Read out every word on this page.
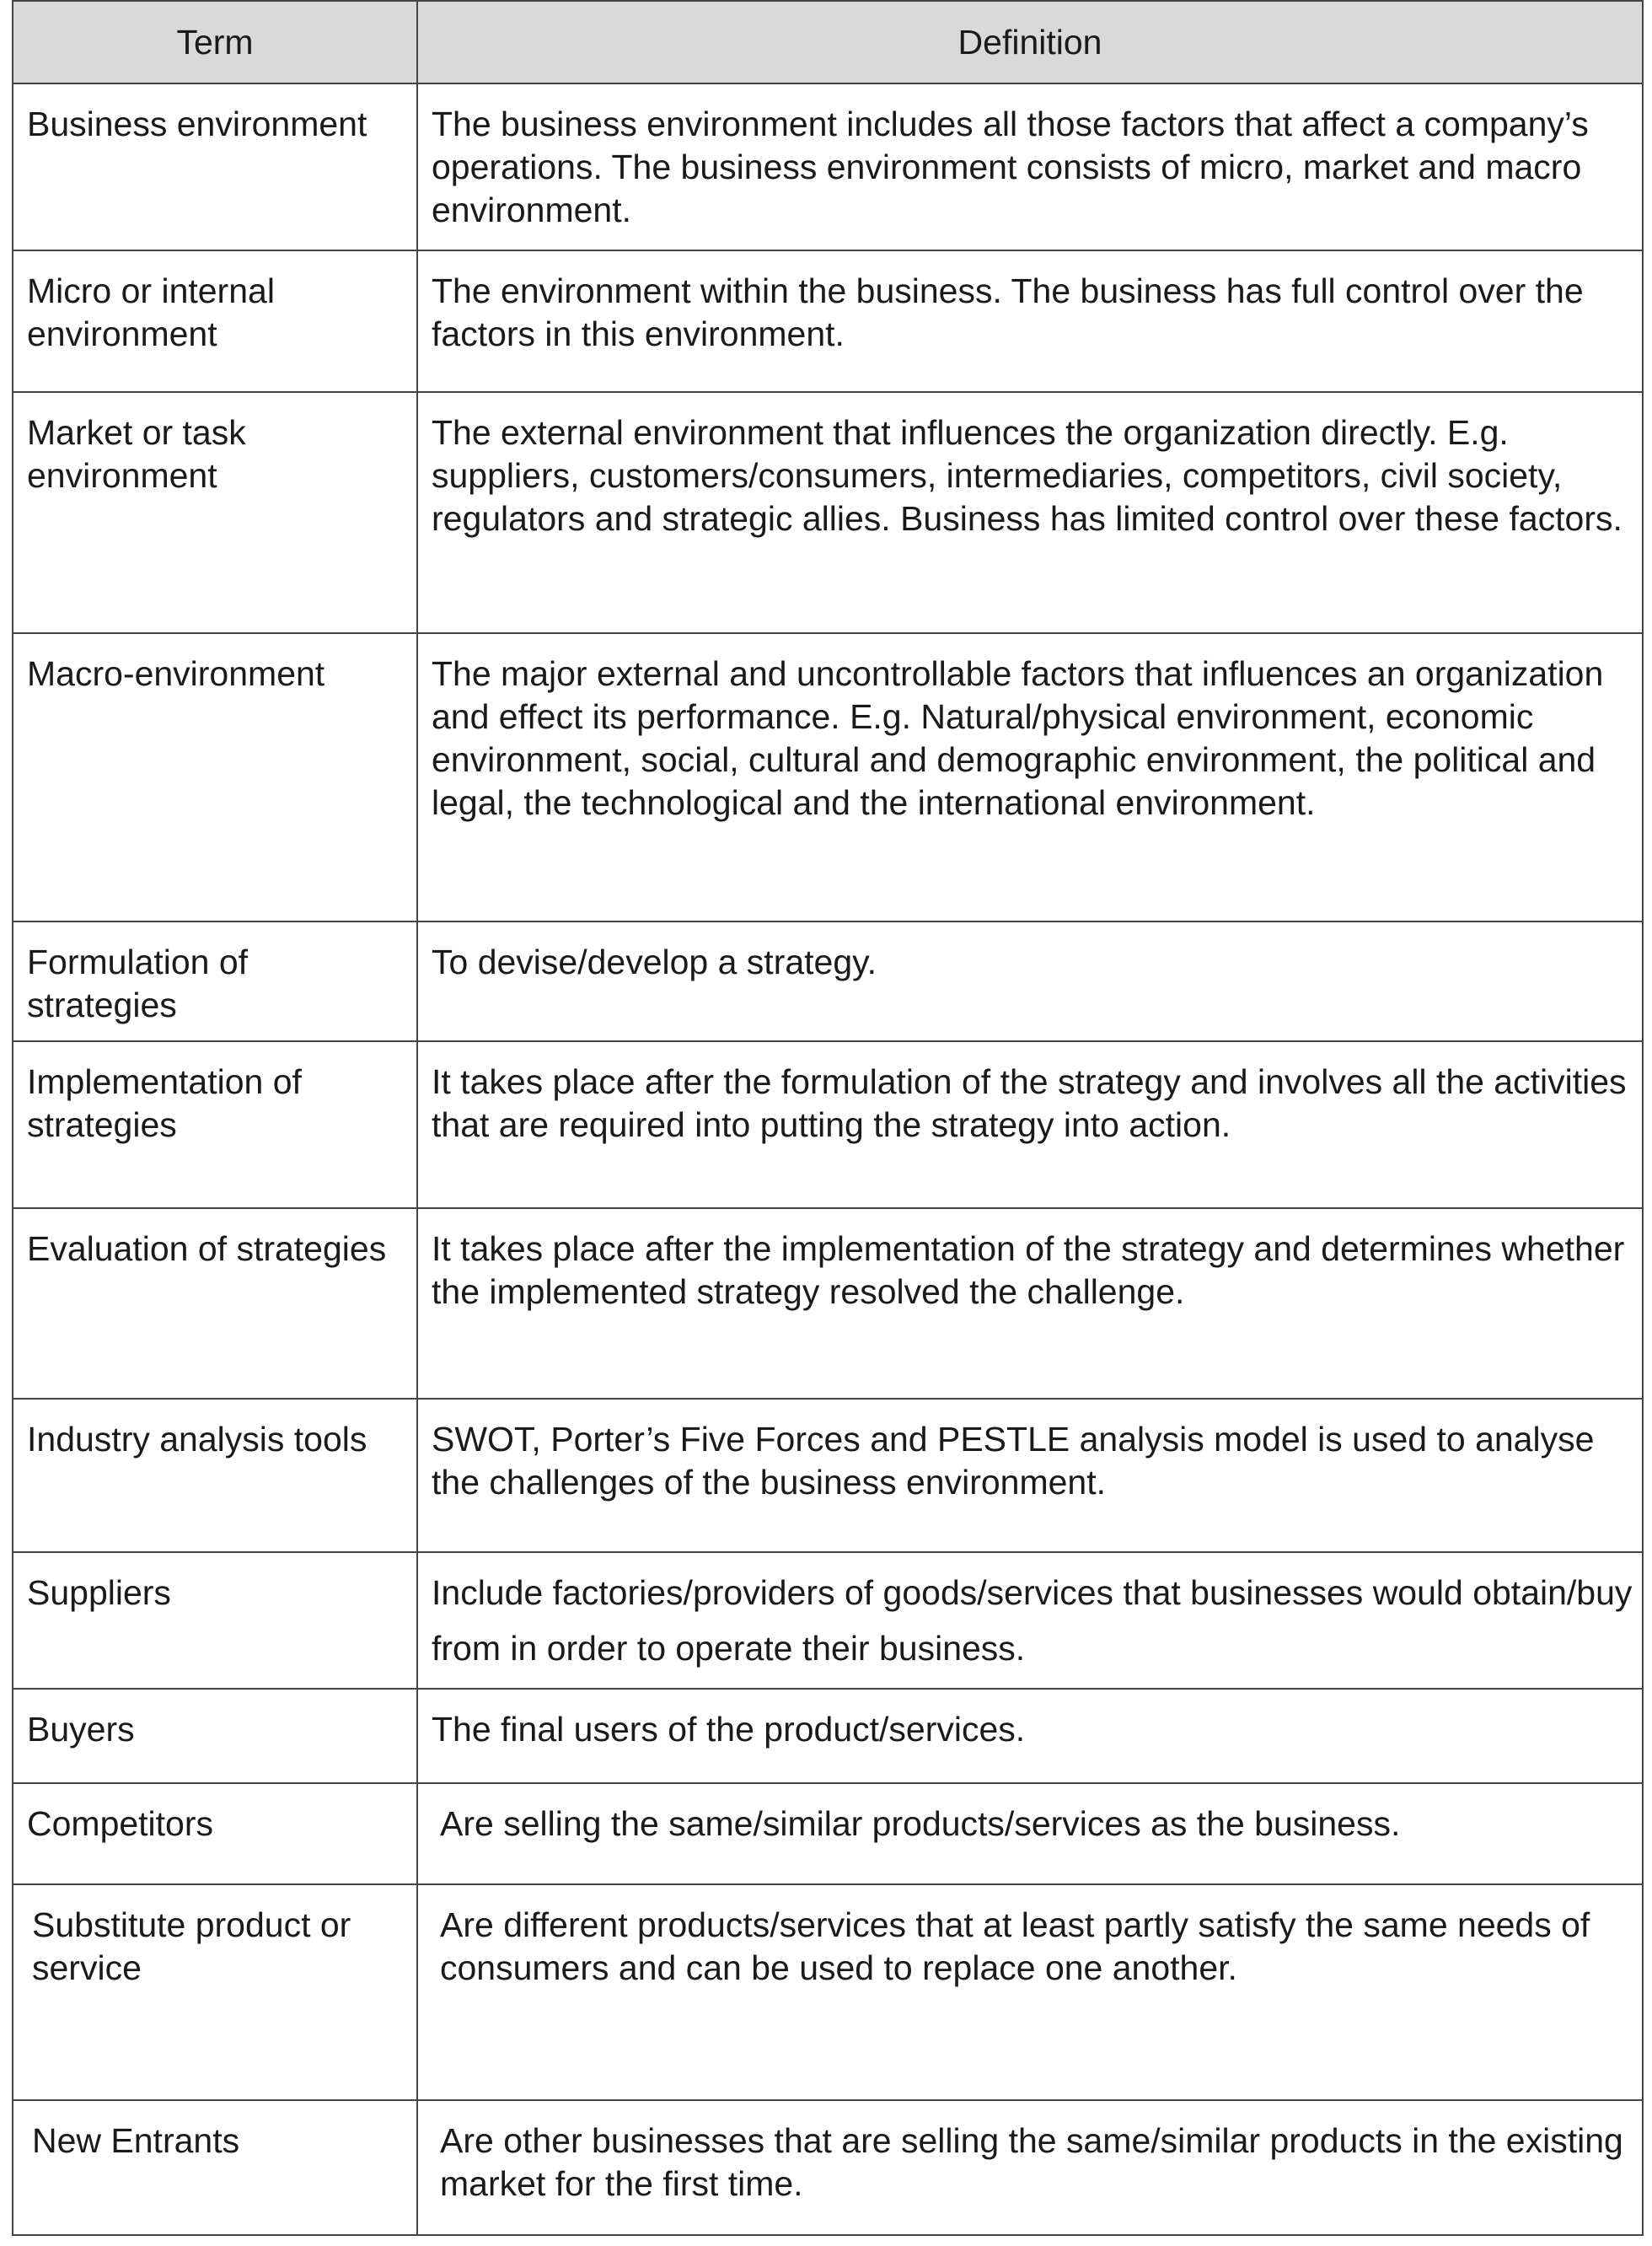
Term	Definition
Business environment	The business environment includes all those factors that affect a company’s operations. The business environment consists of micro, market and macro environment.
Micro or internal environment	The environment within the business. The business has full control over the factors in this environment.
Market or task environment	The external environment that influences the organization directly. E.g. suppliers, customers/consumers, intermediaries, competitors, civil society, regulators and strategic allies. Business has limited control over these factors.
Macro-environment	The major external and uncontrollable factors that influences an organization and effect its performance. E.g. Natural/physical environment, economic environment, social, cultural and demographic environment, the political and legal, the technological and the international environment.
Formulation of strategies	To devise/develop a strategy.
Implementation of strategies	It takes place after the formulation of the strategy and involves all the activities that are required into putting the strategy into action.
Evaluation of strategies	It takes place after the implementation of the strategy and determines whether the implemented strategy resolved the challenge.
Industry analysis tools	SWOT, Porter’s Five Forces and PESTLE analysis model is used to analyse the challenges of the business environment.
Suppliers	Include factories/providers of goods/services that businesses would obtain/buy from in order to operate their business.
Buyers	The final users of the product/services.
Competitors	Are selling the same/similar products/services as the business.
Substitute product or service	Are different products/services that at least partly satisfy the same needs of consumers and can be used to replace one another.
New Entrants	Are other businesses that are selling the same/similar products in the existing market for the first time.
